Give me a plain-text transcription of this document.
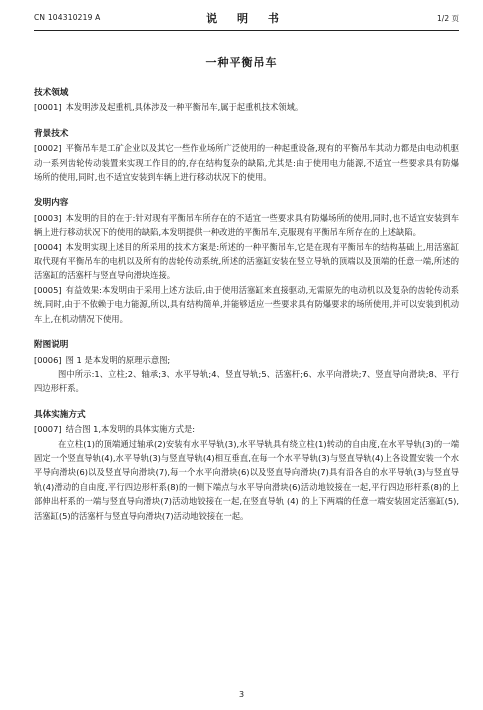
CN 104310219 A	说 明 书	1/2 页
一种平衡吊车

技术领域

[0001] 本发明涉及起重机,具体涉及一种平衡吊车,属于起重机技术领域。

背景技术

[0002] 平衡吊车是工矿企业以及其它一些作业场所广泛使用的一种起重设备,现有的平衡吊车其动力都是由电动机驱动一系列齿轮传动装置来实现工作目的的,存在结构复杂的缺陷,尤其是:由于使用电力能源,不适宜一些要求具有防爆场所的使用,同时,也不适宜安装到车辆上进行移动状况下的使用。

发明内容

[0003] 本发明的目的在于:针对现有平衡吊车所存在的不适宜一些要求具有防爆场所的使用,同时,也不适宜安装到车辆上进行移动状况下的使用的缺陷,本发明提供一种改进的平衡吊车,克服现有平衡吊车所存在的上述缺陷。

[0004] 本发明实现上述目的所采用的技术方案是:所述的一种平衡吊车,它是在现有平衡吊车的结构基础上,用活塞缸取代现有平衡吊车的电机以及所有的齿轮传动系统,所述的活塞缸安装在竖立导轨的顶端以及顶端的任意一端,所述的活塞缸的活塞杆与竖直导向滑块连接。

[0005] 有益效果:本发明由于采用上述方法后,由于使用活塞缸来直接驱动,无需原先的电动机以及复杂的齿轮传动系统,同时,由于不依赖于电力能源,所以,具有结构简单,并能够适应一些要求具有防爆要求的场所使用,并可以安装到机动车上,在机动情况下使用。

附图说明

[0006] 图 1 是本发明的原理示意图;

图中所示:1、立柱;2、轴承;3、水平导轨;4、竖直导轨;5、活塞杆;6、水平向滑块;7、竖直导向滑块;8、平行四边形杆系。

具体实施方式

[0007] 结合图 1,本发明的具体实施方式是:

在立柱(1)的顶端通过轴承(2)安装有水平导轨(3),水平导轨具有绕立柱(1)转动的自由度,在水平导轨(3)的一端固定一个竖直导轨(4),水平导轨(3)与竖直导轨(4)相互垂直,在每一个水平导轨(3)与竖直导轨(4)上各设置安装一个水平导向滑块(6)以及竖直导向滑块(7),每一个水平向滑块(6)以及竖直导向滑块(7)具有沿各自的水平导轨(3)与竖直导轨(4)滑动的自由度,平行四边形杆系(8)的一侧下端点与水平导向滑块(6)活动地铰接在一起,平行四边形杆系(8)的上部伸出杆系的一端与竖直导向滑块(7)活动地铰接在一起,在竖直导轨 (4) 的上下两端的任意一端安装固定活塞缸(5),活塞缸(5)的活塞杆与竖直导向滑块(7)活动地铰接在一起。

3
